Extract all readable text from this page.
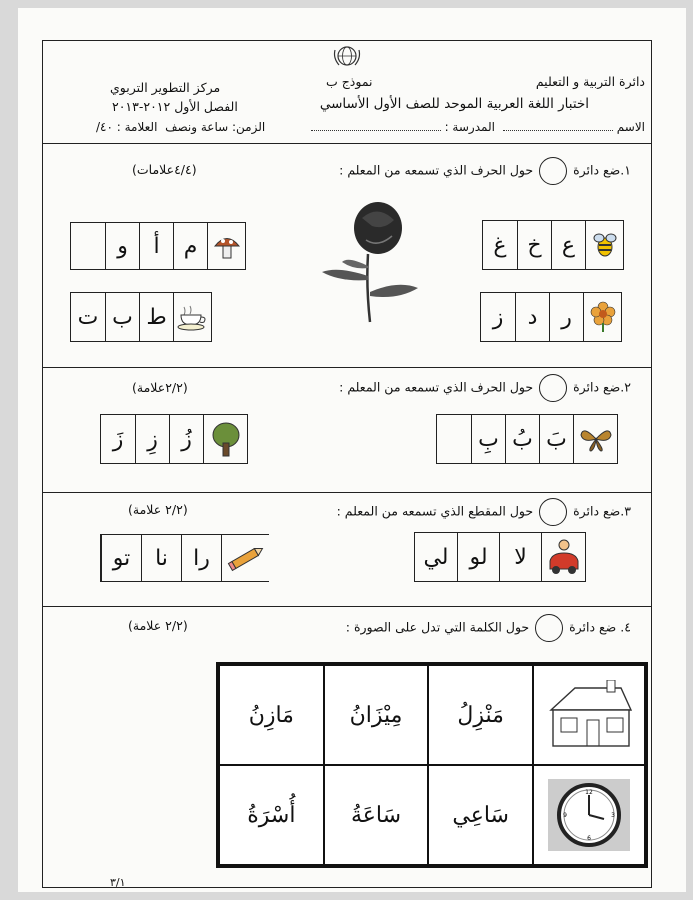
دائرة التربية و التعليم
نموذج ب
مركز التطوير التربوي
اختبار اللغة العربية الموحد للصف الأول الأساسي
الفصل الأول ٢٠١٢-٢٠١٣
الاسم المدرسة :
الزمن: ساعة ونصف  العلامة : ٤٠/
١.ضع دائرة  حول الحرف الذي تسمعه من المعلم :
(٤/٤علامات)
ع
خ
غ
م
أ
و
ر
د
ز
ط
ب
ت
٢.ضع دائرة  حول الحرف الذي تسمعه من المعلم :
(٢/٢علامة)
بَ
بُ
بِ
زُ
زِ
زَ
٣.ضع دائرة  حول المقطع الذي تسمعه من المعلم :
(٢/٢ علامة)
لا
لو
لي
را
نا
تو
٤. ضع دائرة  حول الكلمة التي تدل على الصورة :
(٢/٢ علامة)
مَنْزِلُ
مِيْزَانُ
مَازِنُ
12
3
6
9
سَاعِي
سَاعَةُ
أُسْرَةُ
٣/١
